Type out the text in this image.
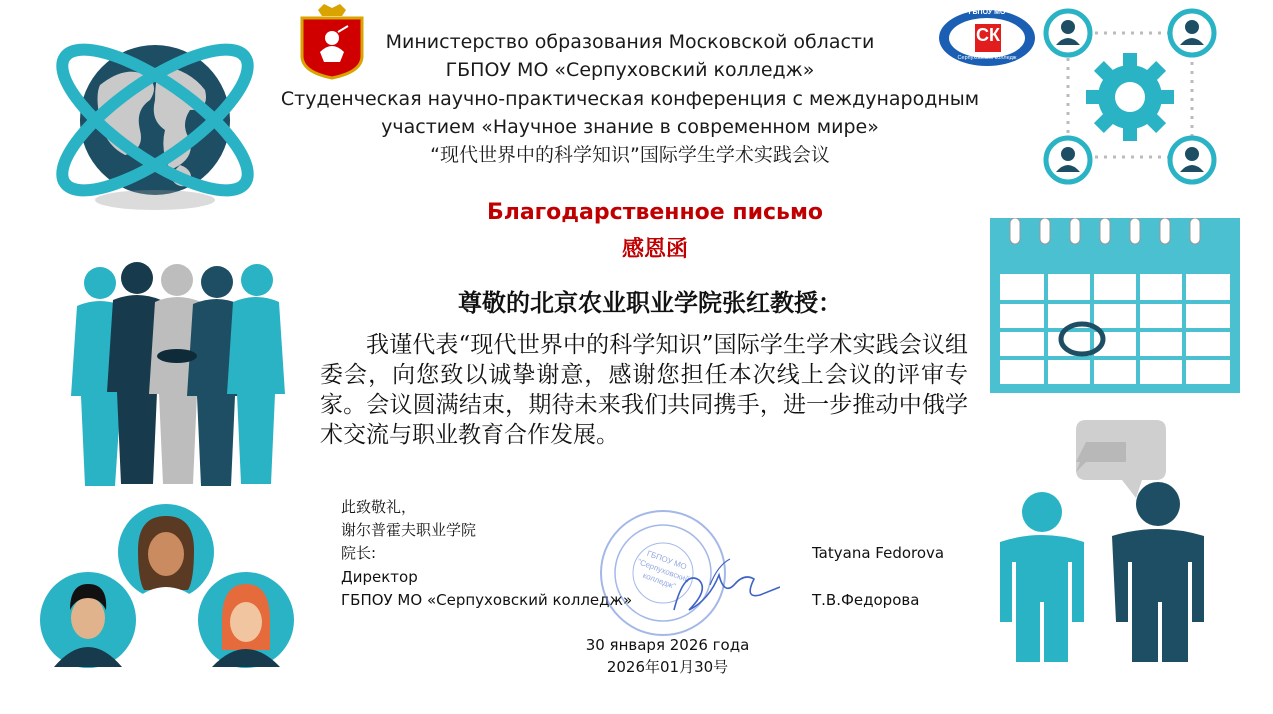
СК
ГБПОУ МО
Серпуховский колледж
Министерство образования Московской области
ГБПОУ МО «Серпуховский колледж»
Студенческая научно-практическая конференция с международным
участием «Научное знание в современном мире»
“现代世界中的科学知识”国际学生学术实践会议
Благодарственное письмо
感恩函
尊敬的北京农业职业学院张红教授：
我谨代表“现代世界中的科学知识”国际学生学术实践会议组委会，向您致以诚挚谢意，感谢您担任本次线上会议的评审专家。会议圆满结束，期待未来我们共同携手，进一步推动中俄学术交流与职业教育合作发展。
此致敬礼，
谢尔普霍夫职业学院
院长:
Директор
ГБПОУ МО «Серпуховский колледж»
Tatyana Fedorova
Т.В.Федорова
ГБПОУ МО "Серпуховский колледж"
30 января 2026 года
2026年01月30号
